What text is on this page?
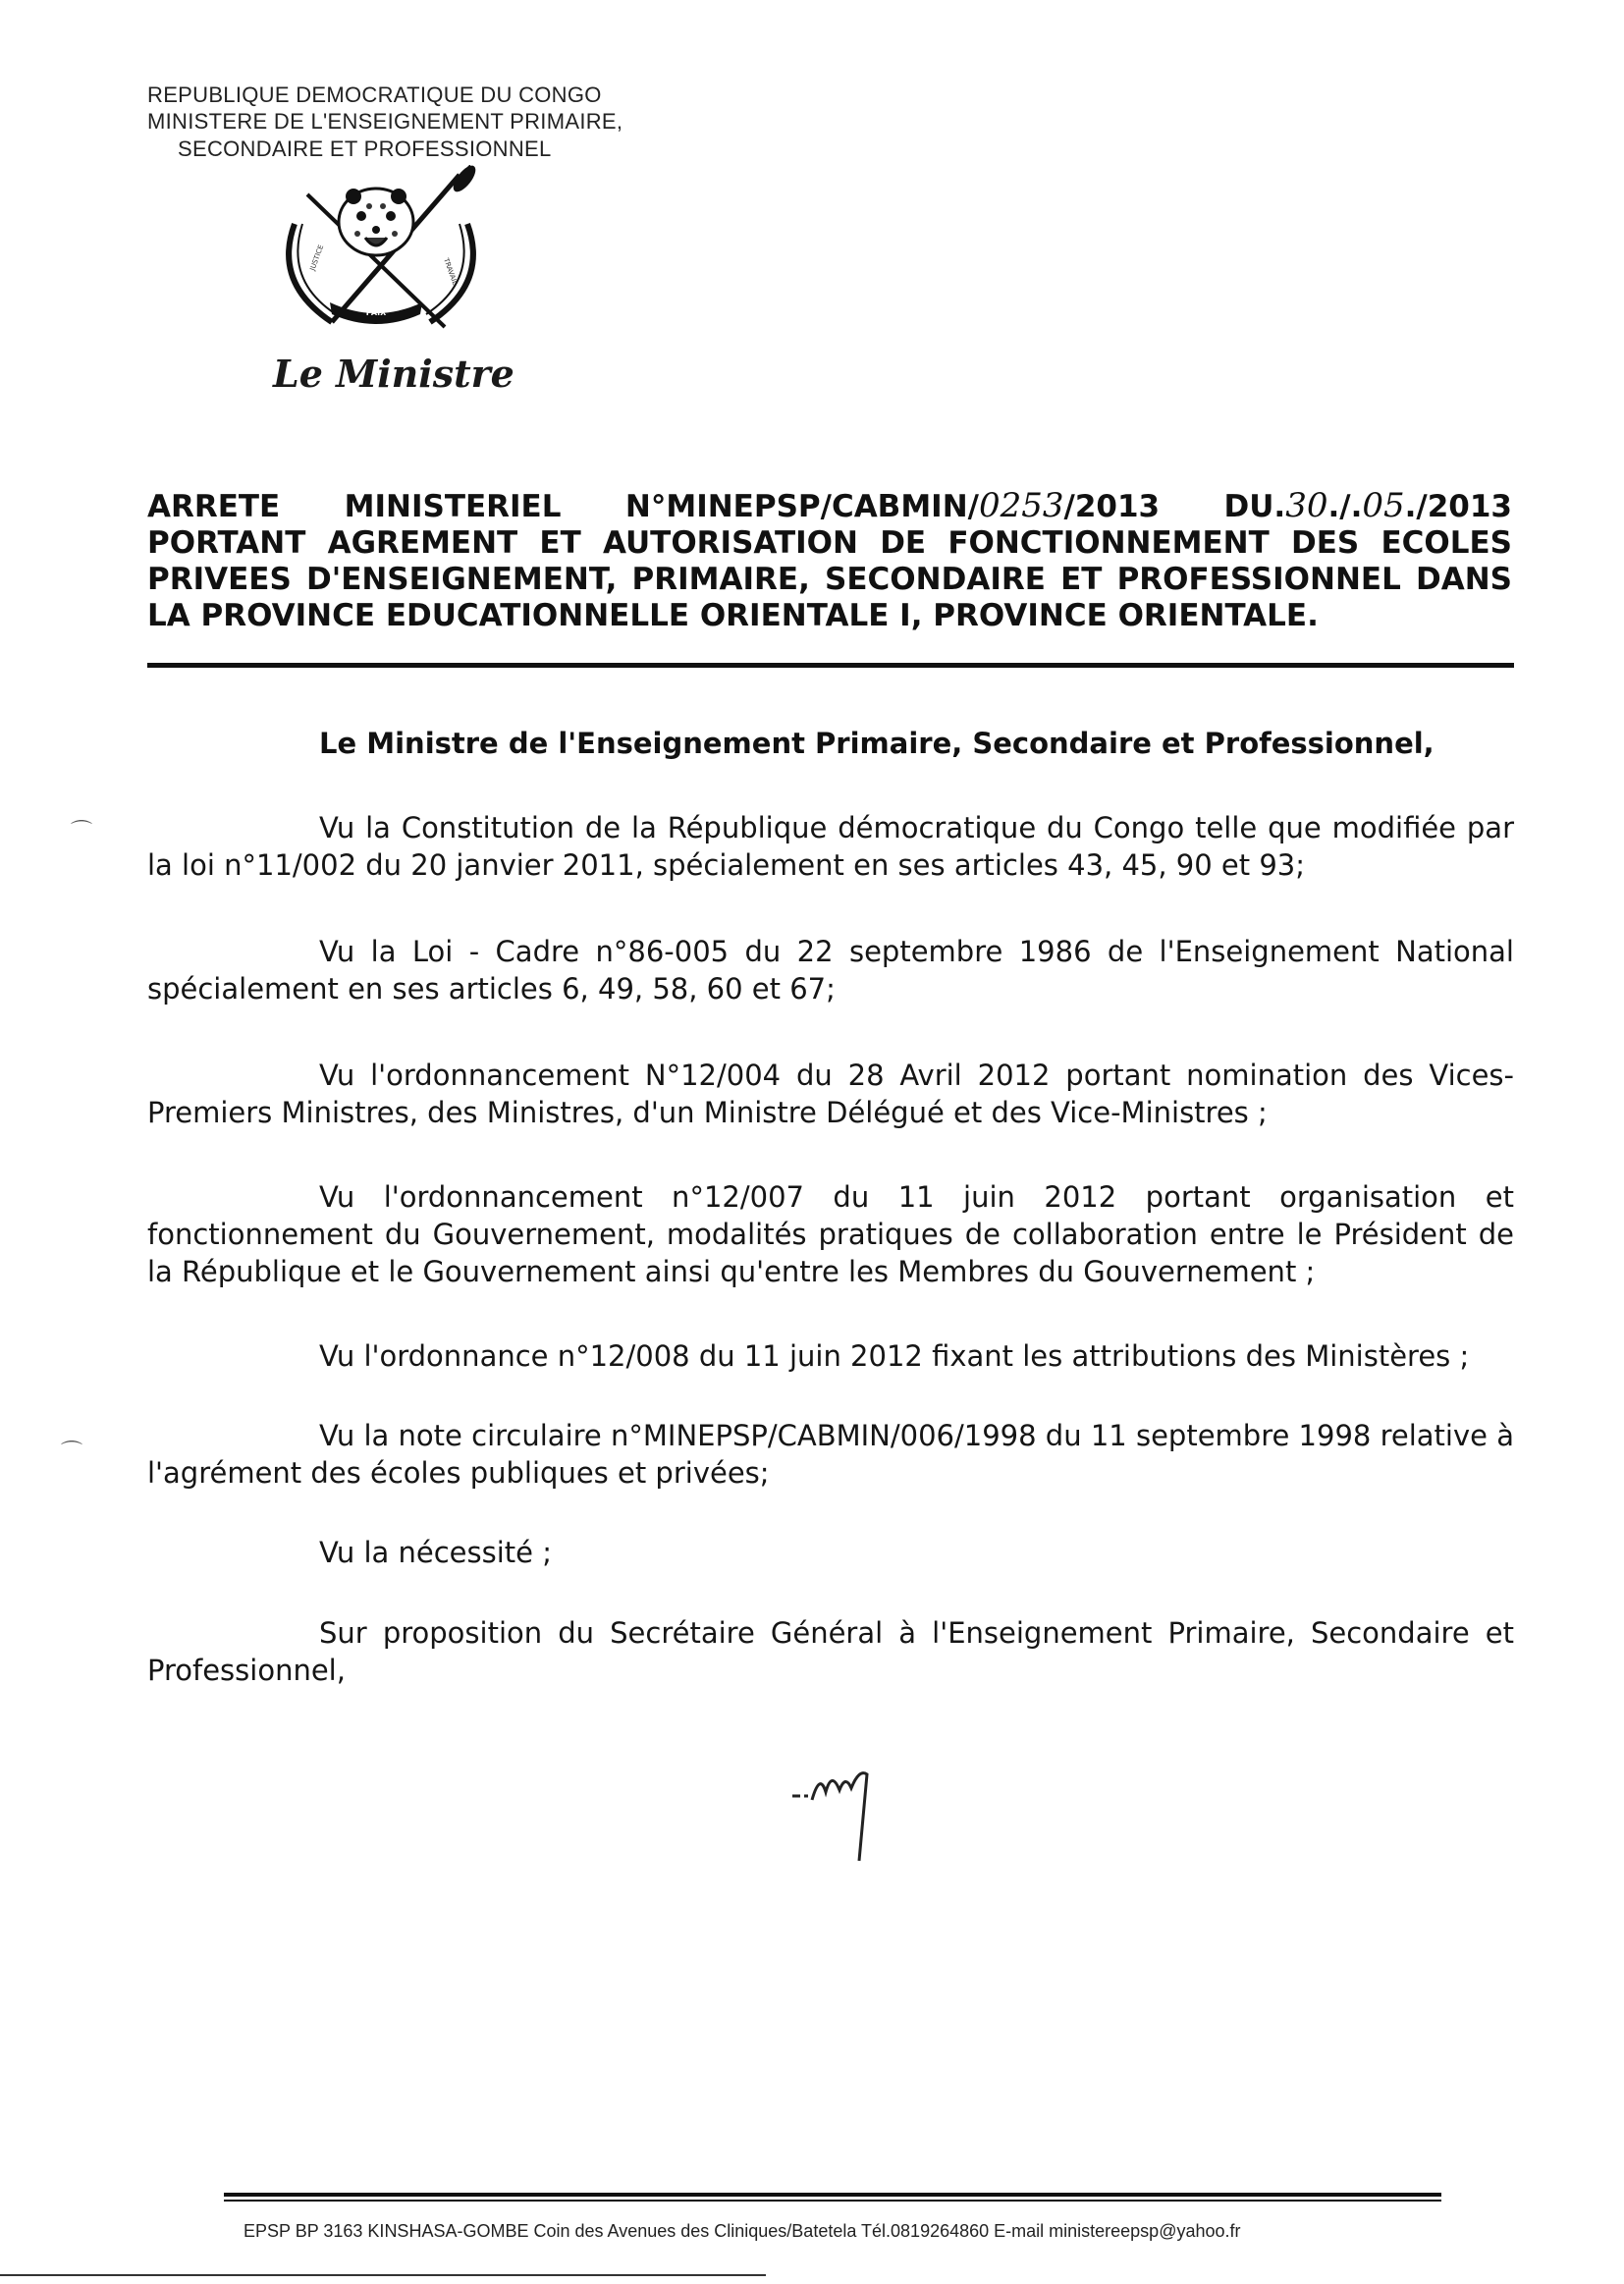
REPUBLIQUE DEMOCRATIQUE DU CONGO
MINISTERE DE L'ENSEIGNEMENT PRIMAIRE,
SECONDAIRE ET PROFESSIONNEL
PAIX
JUSTICE	TRAVAIL
Le Ministre
ARRETE MINISTERIEL N°MINEPSP/CABMIN/0253/2013 DU.30./.05./2013
PORTANT AGREMENT ET AUTORISATION DE FONCTIONNEMENT DES ECOLES
PRIVEES D'ENSEIGNEMENT, PRIMAIRE, SECONDAIRE ET PROFESSIONNEL DANS
LA PROVINCE EDUCATIONNELLE ORIENTALE I, PROVINCE ORIENTALE.
Le Ministre de l'Enseignement Primaire, Secondaire et Professionnel,

Vu la Constitution de la République démocratique du Congo telle que modifiée par la loi n°11/002 du 20 janvier 2011, spécialement en ses articles 43, 45, 90 et 93;

Vu la Loi - Cadre n°86-005 du 22 septembre 1986 de l'Enseignement National spécialement en ses articles 6, 49, 58, 60 et 67;

Vu l'ordonnancement N°12/004 du 28 Avril 2012 portant nomination des Vices-Premiers Ministres, des Ministres, d'un Ministre Délégué et des Vice-Ministres ;

Vu l'ordonnancement n°12/007 du 11 juin 2012 portant organisation et fonctionnement du Gouvernement, modalités pratiques de collaboration entre le Président de la République et le Gouvernement ainsi qu'entre les Membres du Gouvernement ;

Vu l'ordonnance n°12/008 du 11 juin 2012 fixant les attributions des Ministères ;

Vu la note circulaire n°MINEPSP/CABMIN/006/1998 du 11 septembre 1998 relative à l'agrément des écoles publiques et privées;

Vu la nécessité ;

Sur proposition du Secrétaire Général à l'Enseignement Primaire, Secondaire et Professionnel,

⌒
⌒
EPSP BP 3163 KINSHASA-GOMBE Coin des Avenues des Cliniques/Batetela Tél.0819264860 E-mail ministereepsp@yahoo.fr
